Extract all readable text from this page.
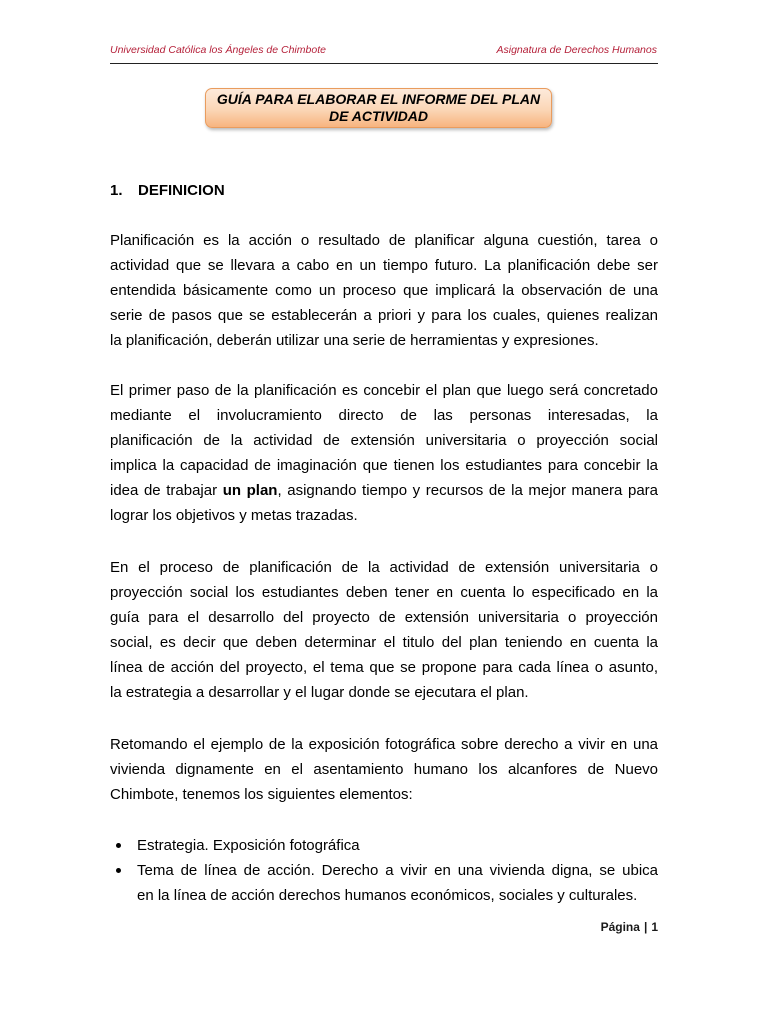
Universidad Católica los Ángeles de Chimbote	Asignatura de Derechos Humanos
GUÍA PARA ELABORAR EL INFORME DEL PLAN
DE ACTIVIDAD
1. DEFINICION
Planificación es la acción o resultado de planificar alguna cuestión, tarea o
actividad que se llevara a cabo en un tiempo futuro. La planificación debe ser
entendida básicamente como un proceso que implicará la observación de una
serie de pasos que se establecerán a priori y para los cuales, quienes realizan
la planificación, deberán utilizar una serie de herramientas y expresiones.
El primer paso de la planificación es concebir el plan que luego será concretado
mediante el involucramiento directo de las personas interesadas, la
planificación de la actividad de extensión universitaria o proyección social
implica la capacidad de imaginación que tienen los estudiantes para concebir la
idea de trabajar un plan, asignando tiempo y recursos de la mejor manera para
lograr los objetivos y metas trazadas.
En el proceso de planificación de la actividad de extensión universitaria o
proyección social los estudiantes deben tener en cuenta lo especificado en la
guía para el desarrollo del proyecto de extensión universitaria o proyección
social, es decir que deben determinar el titulo del plan teniendo en cuenta la
línea de acción del proyecto, el tema que se propone para cada línea o asunto,
la estrategia a desarrollar y el lugar donde se ejecutara el plan.
Retomando el ejemplo de la exposición fotográfica sobre derecho a vivir en una
vivienda dignamente en el asentamiento humano los alcanfores de Nuevo
Chimbote, tenemos los siguientes elementos:
Estrategia. Exposición fotográfica
Tema de línea de acción. Derecho a vivir en una vivienda digna, se ubica
en la línea de acción derechos humanos económicos, sociales y culturales.
Página | 1
